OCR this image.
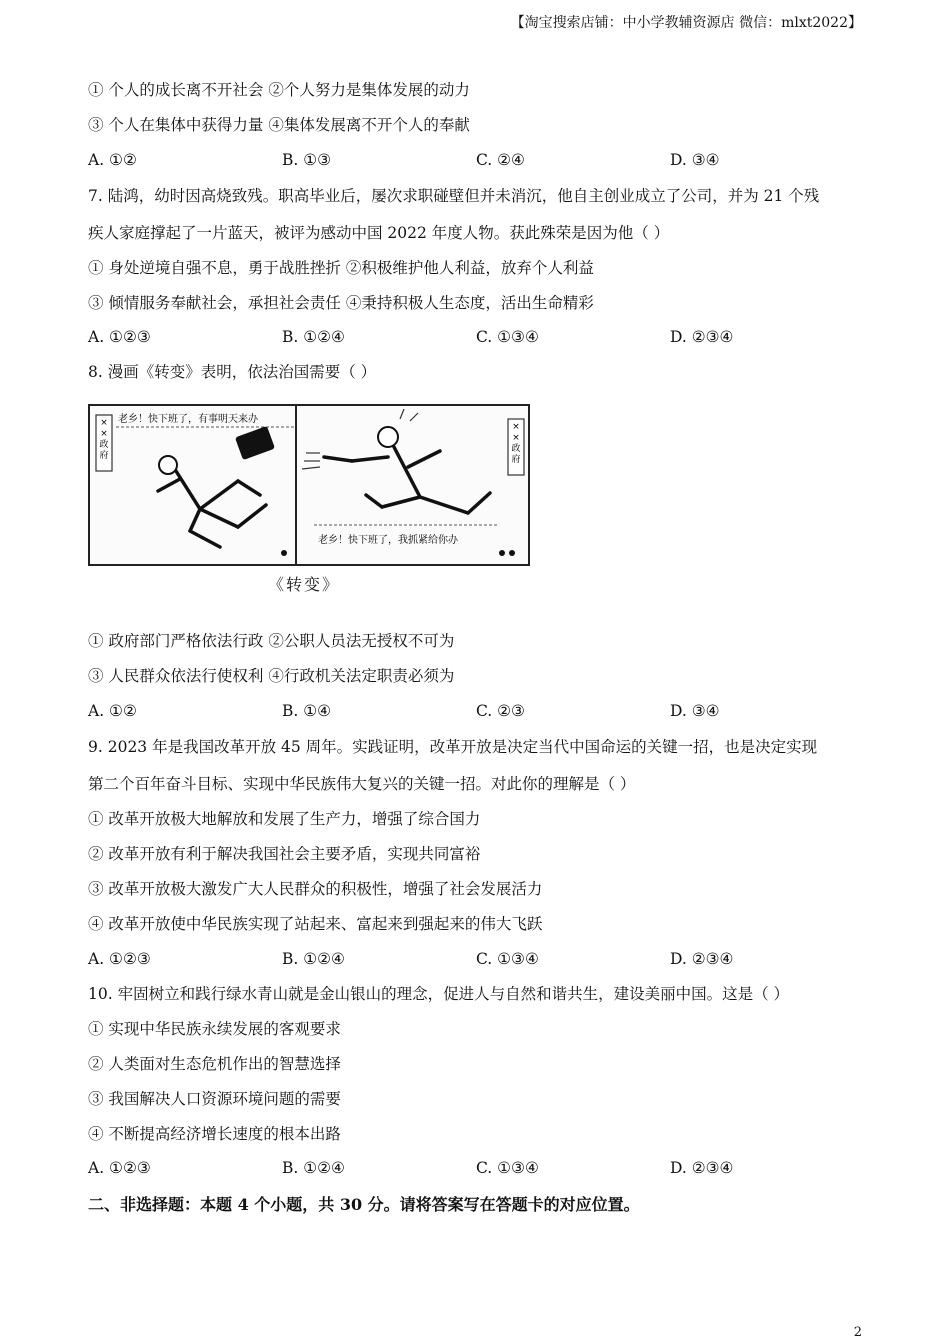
【淘宝搜索店铺：中小学教辅资源店 微信：mlxt2022】
① 个人的成长离不开社会 ②个人努力是集体发展的动力
③ 个人在集体中获得力量 ④集体发展离不开个人的奉献
A. ①②	B. ①③	C. ②④	D. ③④
7. 陆鸿，幼时因高烧致残。职高毕业后，屡次求职碰壁但并未消沉，他自主创业成立了公司，并为 21 个残
疾人家庭撑起了一片蓝天，被评为感动中国 2022 年度人物。获此殊荣是因为他（ ）
① 身处逆境自强不息，勇于战胜挫折 ②积极维护他人利益，放弃个人利益
③ 倾情服务奉献社会，承担社会责任 ④秉持积极人生态度，活出生命精彩
A. ①②③	B. ①②④	C. ①③④	D. ②③④
8. 漫画《转变》表明，依法治国需要（ ）
× ×政府
老乡！快下班了，有事明天来办
× ×政府
老乡！快下班了，我抓紧给你办
《转变》
① 政府部门严格依法行政 ②公职人员法无授权不可为
③ 人民群众依法行使权利 ④行政机关法定职责必须为
A. ①②	B. ①④	C. ②③	D. ③④
9. 2023 年是我国改革开放 45 周年。实践证明，改革开放是决定当代中国命运的关键一招，也是决定实现
第二个百年奋斗目标、实现中华民族伟大复兴的关键一招。对此你的理解是（ ）
① 改革开放极大地解放和发展了生产力，增强了综合国力
② 改革开放有利于解决我国社会主要矛盾，实现共同富裕
③ 改革开放极大激发广大人民群众的积极性，增强了社会发展活力
④ 改革开放使中华民族实现了站起来、富起来到强起来的伟大飞跃
A. ①②③	B. ①②④	C. ①③④	D. ②③④
10. 牢固树立和践行绿水青山就是金山银山的理念，促进人与自然和谐共生，建设美丽中国。这是（ ）
① 实现中华民族永续发展的客观要求
② 人类面对生态危机作出的智慧选择
③ 我国解决人口资源环境问题的需要
④ 不断提高经济增长速度的根本出路
A. ①②③	B. ①②④	C. ①③④	D. ②③④
二、非选择题：本题 4 个小题，共 30 分。请将答案写在答题卡的对应位置。
2
